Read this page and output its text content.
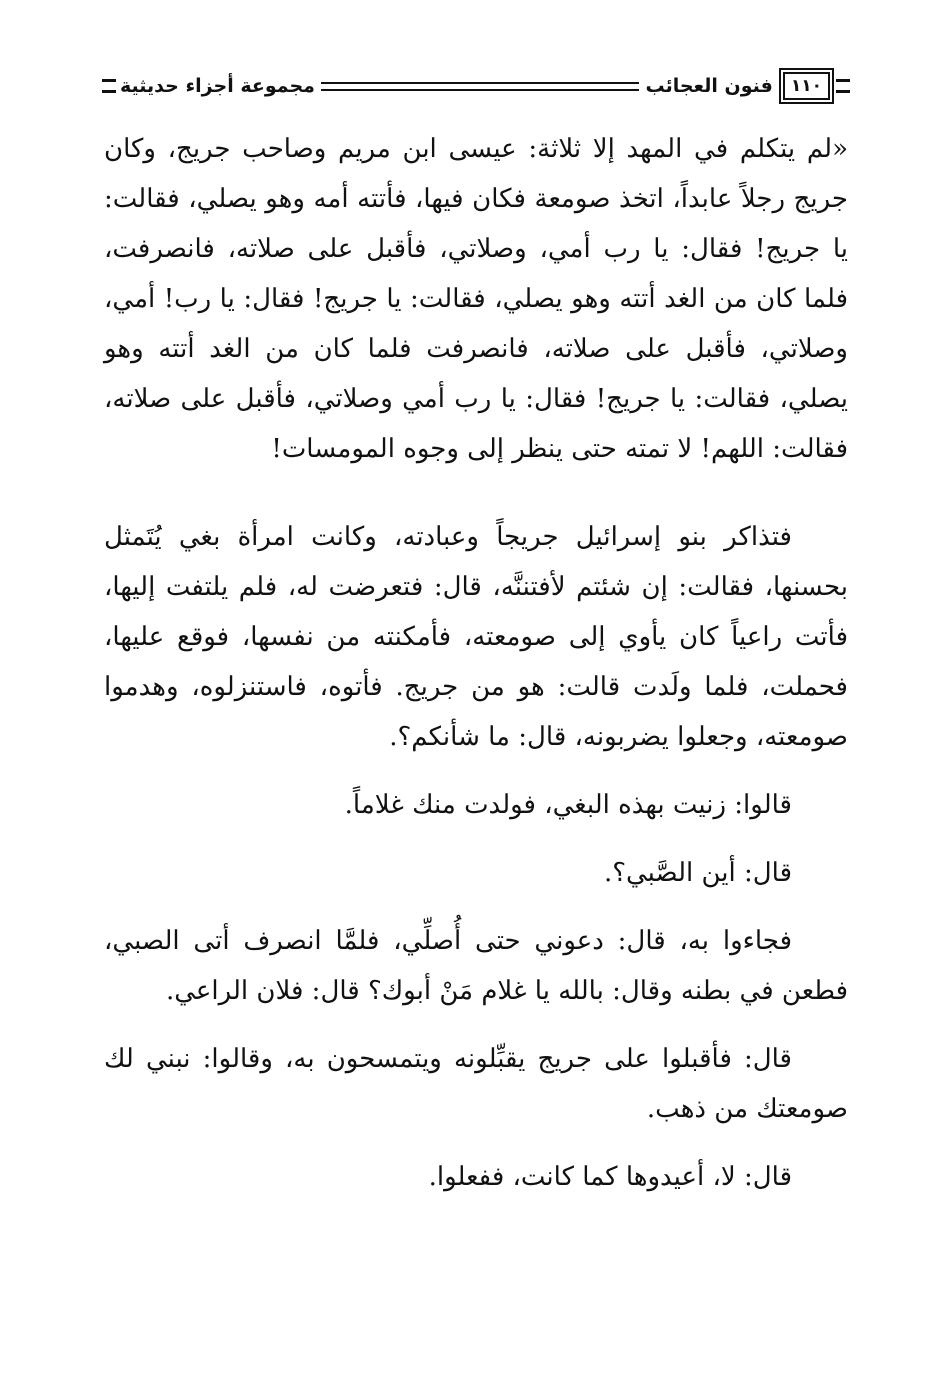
١١٠
فنون العجائب
مجموعة أجزاء حديثية

«لم يتكلم في المهد إلا ثلاثة: عيسى ابن مريم وصاحب جريج، وكان جريج رجلاً عابداً، اتخذ صومعة فكان فيها، فأتته أمه وهو يصلي، فقالت: يا جريج! فقال: يا رب أمي، وصلاتي، فأقبل على صلاته، فانصرفت، فلما كان من الغد أتته وهو يصلي، فقالت: يا جريج! فقال: يا رب! أمي، وصلاتي، فأقبل على صلاته، فانصرفت فلما كان من الغد أتته وهو يصلي، فقالت: يا جريج! فقال: يا رب أمي وصلاتي، فأقبل على صلاته، فقالت: اللهم! لا تمته حتى ينظر إلى وجوه المومسات!

فتذاكر بنو إسرائيل جريجاً وعبادته، وكانت امرأة بغي يُتَمثل بحسنها، فقالت: إن شئتم لأفتننَّه، قال: فتعرضت له، فلم يلتفت إليها، فأتت راعياً كان يأوي إلى صومعته، فأمكنته من نفسها، فوقع عليها، فحملت، فلما ولَدت قالت: هو من جريج. فأتوه، فاستنزلوه، وهدموا صومعته، وجعلوا يضربونه، قال: ما شأنكم؟.

قالوا: زنيت بهذه البغي، فولدت منك غلاماً.

قال: أين الصَّبي؟.

فجاءوا به، قال: دعوني حتى أُصلِّي، فلمَّا انصرف أتى الصبي، فطعن في بطنه وقال: بالله يا غلام مَنْ أبوك؟ قال: فلان الراعي.

قال: فأقبلوا على جريج يقبِّلونه ويتمسحون به، وقالوا: نبني لك صومعتك من ذهب.

قال: لا، أعيدوها كما كانت، ففعلوا.
